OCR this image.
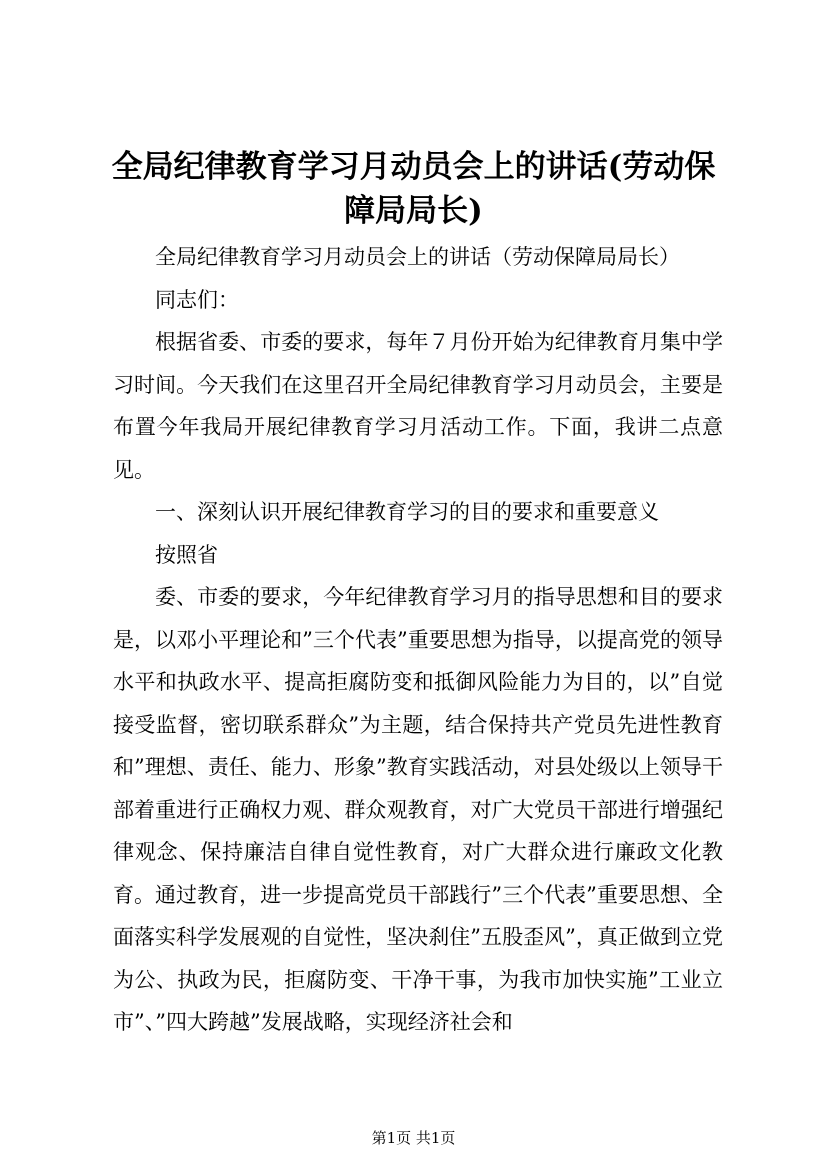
全局纪律教育学习月动员会上的讲话(劳动保障局局长)

全局纪律教育学习月动员会上的讲话（劳动保障局局长）

同志们：

根据省委、市委的要求，每年７月份开始为纪律教育月集中学习时间。今天我们在这里召开全局纪律教育学习月动员会，主要是布置今年我局开展纪律教育学习月活动工作。下面，我讲二点意见。

一、深刻认识开展纪律教育学习的目的要求和重要意义

按照省

委、市委的要求，今年纪律教育学习月的指导思想和目的要求是，以邓小平理论和”三个代表”重要思想为指导，以提高党的领导水平和执政水平、提高拒腐防变和抵御风险能力为目的，以”自觉接受监督，密切联系群众”为主题，结合保持共产党员先进性教育和”理想、责任、能力、形象”教育实践活动，对县处级以上领导干部着重进行正确权力观、群众观教育，对广大党员干部进行增强纪律观念、保持廉洁自律自觉性教育，对广大群众进行廉政文化教育。通过教育，进一步提高党员干部践行”三个代表”重要思想、全面落实科学发展观的自觉性，坚决刹住”五股歪风”，真正做到立党为公、执政为民，拒腐防变、干净干事，为我市加快实施”工业立市”、”四大跨越”发展战略，实现经济社会和

第1页 共1页
